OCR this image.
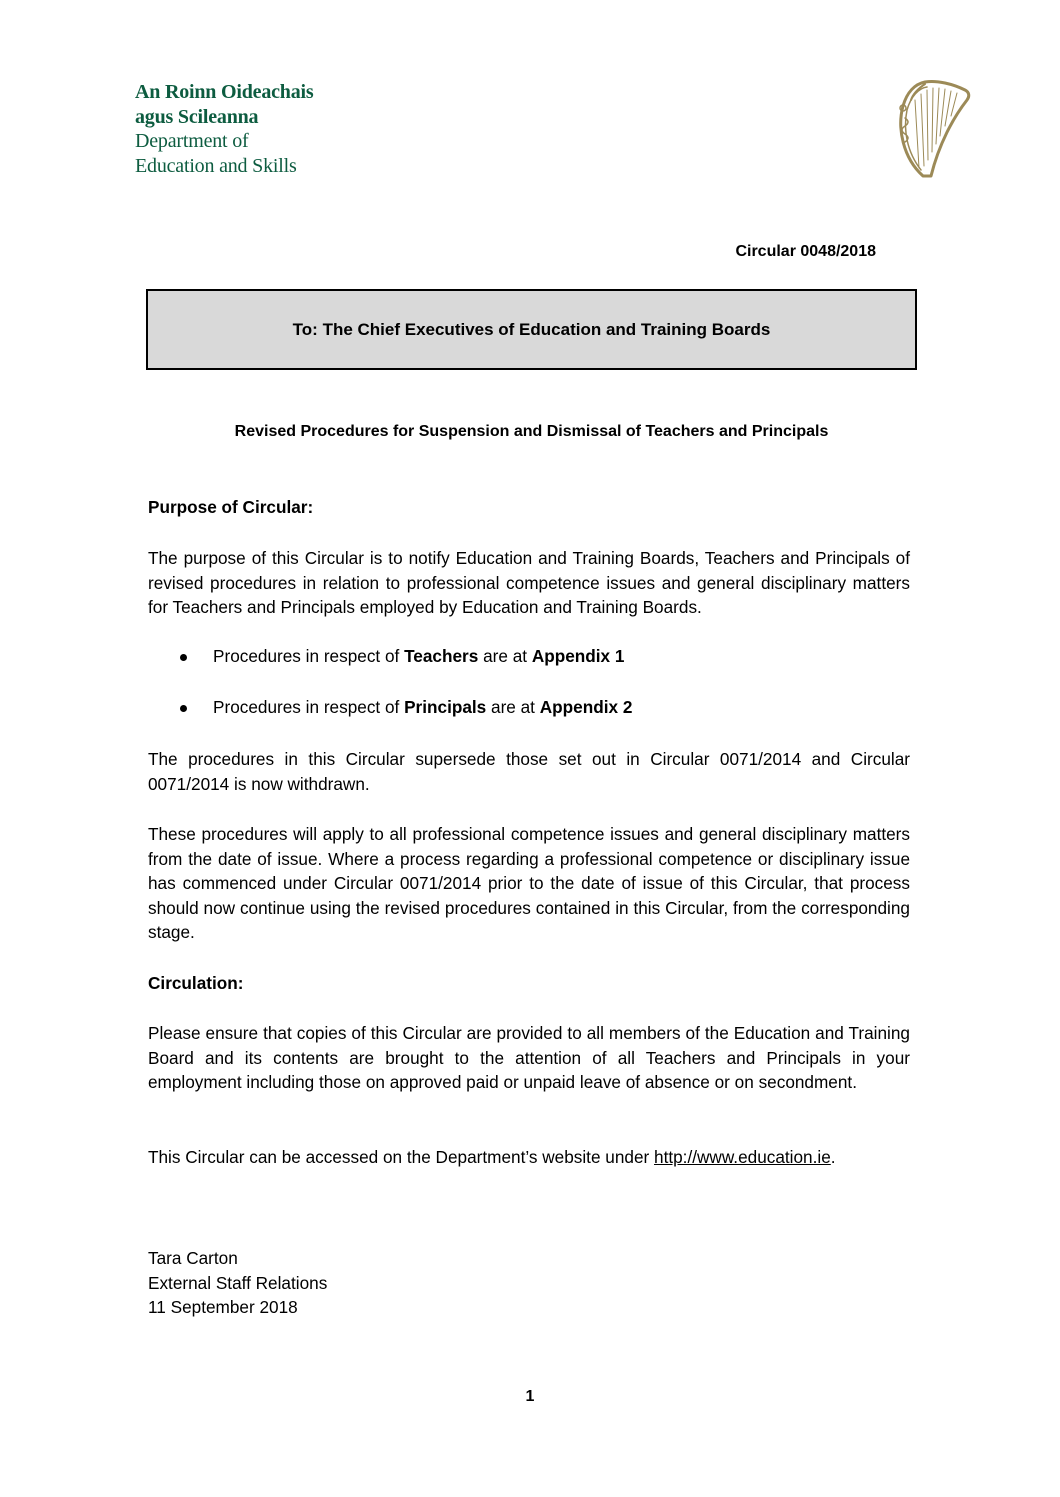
An Roinn Oideachais
agus Scileanna
Department of
Education and Skills
Circular 0048/2018
To: The Chief Executives of Education and Training Boards
Revised Procedures for Suspension and Dismissal of Teachers and Principals
Purpose of Circular:
The purpose of this Circular is to notify Education and Training Boards, Teachers and Principals of revised procedures in relation to professional competence issues and general disciplinary matters for Teachers and Principals employed by Education and Training Boards.
Procedures in respect of Teachers are at Appendix 1
Procedures in respect of Principals are at Appendix 2
The procedures in this Circular supersede those set out in Circular 0071/2014 and Circular 0071/2014 is now withdrawn.
These procedures will apply to all professional competence issues and general disciplinary matters from the date of issue. Where a process regarding a professional competence or disciplinary issue has commenced under Circular 0071/2014 prior to the date of issue of this Circular, that process should now continue using the revised procedures contained in this Circular, from the corresponding stage.
Circulation:
Please ensure that copies of this Circular are provided to all members of the Education and Training Board and its contents are brought to the attention of all Teachers and Principals in your employment including those on approved paid or unpaid leave of absence or on secondment.
This Circular can be accessed on the Department’s website under http://www.education.ie.
Tara Carton
External Staff Relations
11 September 2018
1
